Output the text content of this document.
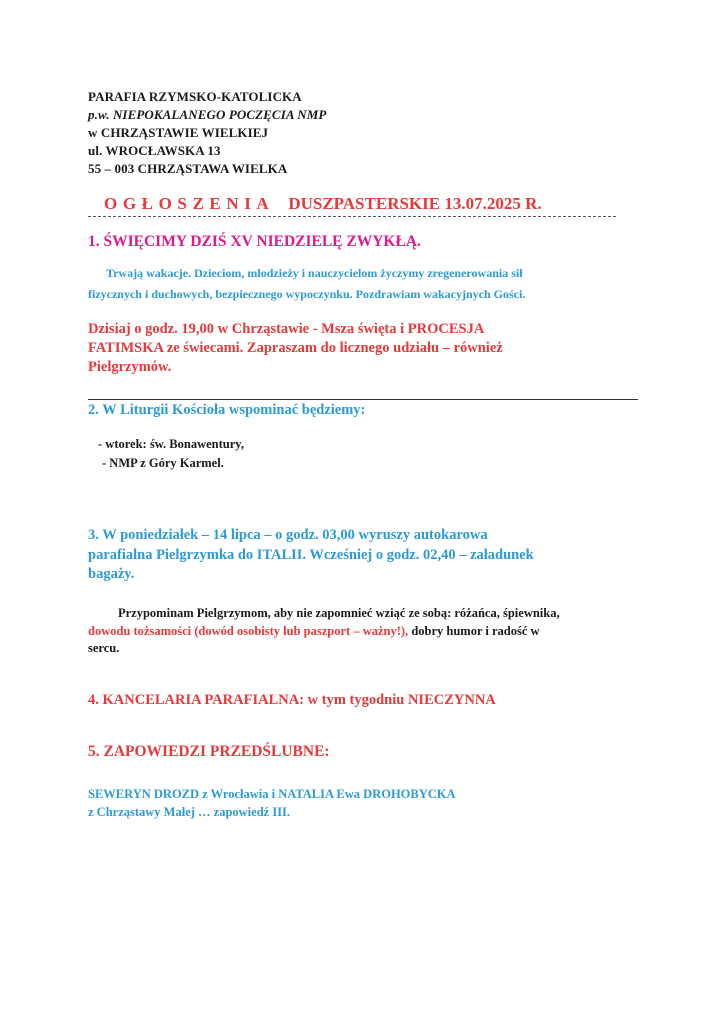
PARAFIA RZYMSKO-KATOLICKA
p.w. NIEPOKALANEGO POCZĘCIA NMP
w CHRZĄSTAWIE WIELKIEJ
ul. WROCŁAWSKA 13
55 – 003 CHRZĄSTAWA WIELKA
OGŁOSZENIA DUSZPASTERSKIE 13.07.2025 R.
1. ŚWIĘCIMY DZIŚ XV NIEDZIELĘ ZWYKŁĄ.
Trwają wakacje. Dzieciom, młodzieży i nauczycielom życzymy zregenerowania sił
fizycznych i duchowych, bezpiecznego wypoczynku. Pozdrawiam wakacyjnych Gości.
Dzisiaj o godz. 19,00 w Chrząstawie - Msza święta i PROCESJA
FATIMSKA ze świecami. Zapraszam do licznego udziału – również
Pielgrzymów.
2. W Liturgii Kościoła wspominać będziemy:
- wtorek: św. Bonawentury,
- NMP z Góry Karmel.
3. W poniedziałek – 14 lipca – o godz. 03,00 wyruszy autokarowa
parafialna Pielgrzymka do ITALII. Wcześniej o godz. 02,40 – załadunek
bagaży.
Przypominam Pielgrzymom, aby nie zapomnieć wziąć ze sobą: różańca, śpiewnika,
dowodu tożsamości (dowód osobisty lub paszport – ważny!), dobry humor i radość w
sercu.
4. KANCELARIA PARAFIALNA: w tym tygodniu NIECZYNNA
5. ZAPOWIEDZI PRZEDŚLUBNE:
SEWERYN DROZD z Wrocławia i NATALIA Ewa DROHOBYCKA
z Chrząstawy Małej … zapowiedź III.
